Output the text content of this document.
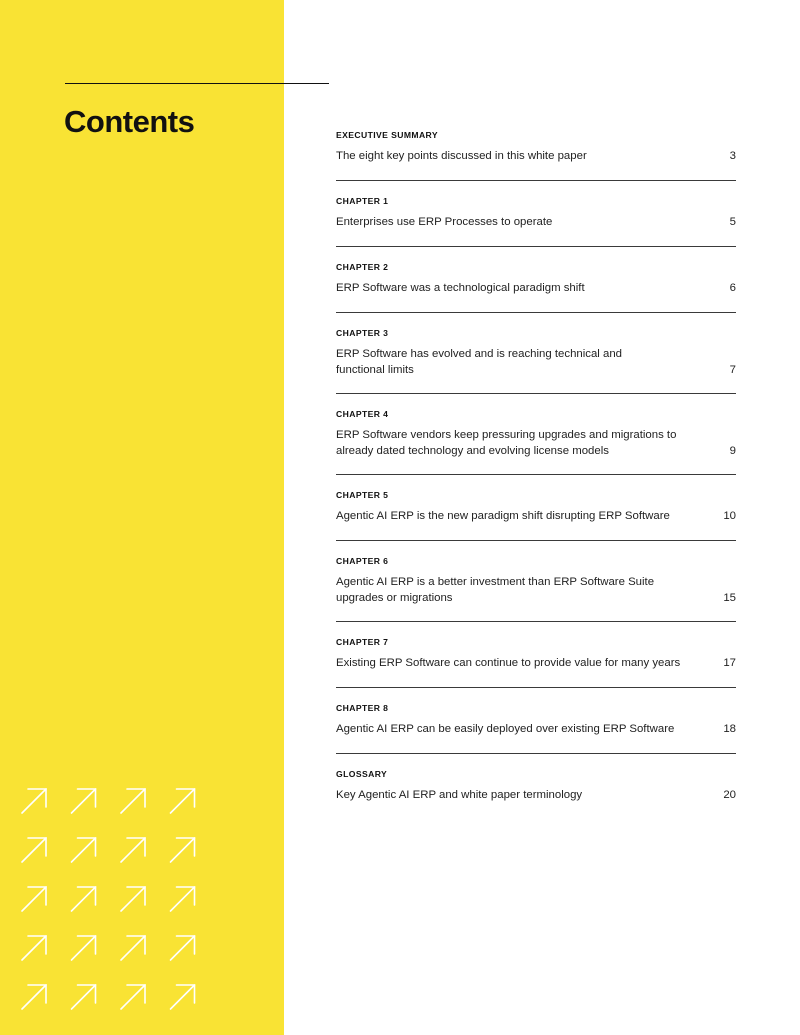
Contents	EXECUTIVE SUMMARY
The eight key points discussed in this white paper	3
CHAPTER 1
Enterprises use ERP Processes to operate	5
CHAPTER 2
ERP Software was a technological paradigm shift	6
CHAPTER 3
ERP Software has evolved and is reaching technical and functional limits	7
CHAPTER 4
ERP Software vendors keep pressuring upgrades and migrations to already dated technology and evolving license models	9
CHAPTER 5
Agentic AI ERP is the new paradigm shift disrupting ERP Software	10
CHAPTER 6
Agentic AI ERP is a better investment than ERP Software Suite upgrades or migrations	15
CHAPTER 7
Existing ERP Software can continue to provide value for many years	17
CHAPTER 8
Agentic AI ERP can be easily deployed over existing ERP Software	18
GLOSSARY
Key Agentic AI ERP and white paper terminology	20
